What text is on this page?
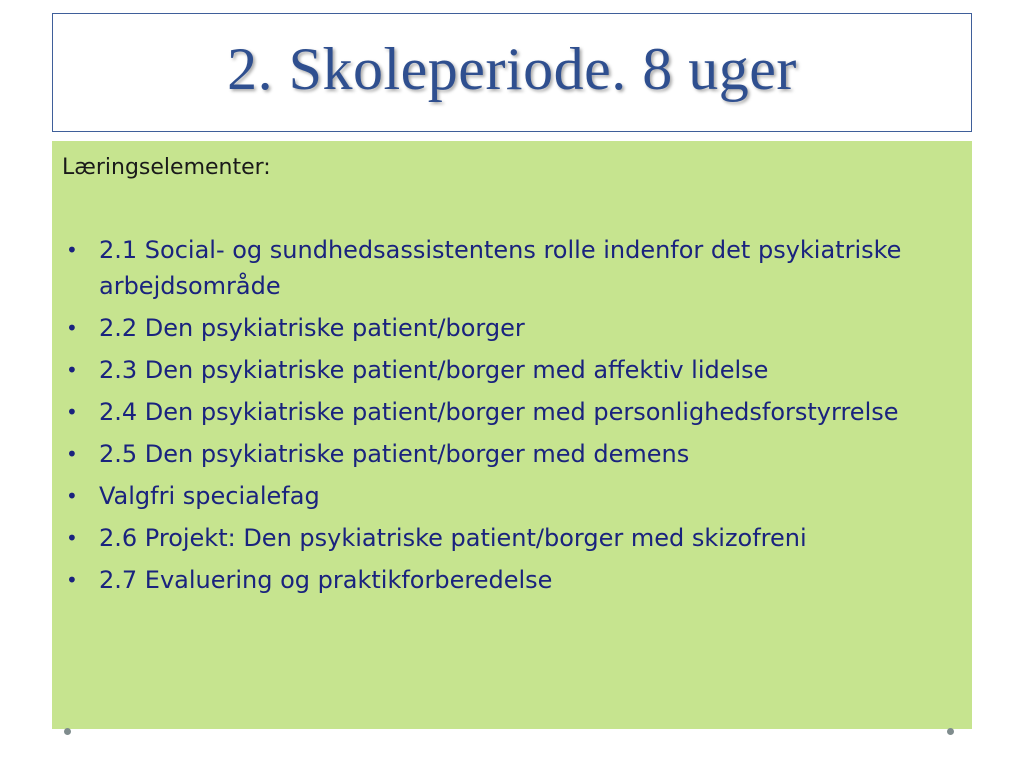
2. Skoleperiode. 8 uger
Læringselementer:
• 2.1 Social- og sundhedsassistentens rolle indenfor det psykiatriske arbejdsområde
• 2.2 Den psykiatriske patient/borger
• 2.3 Den psykiatriske patient/borger med affektiv lidelse
• 2.4 Den psykiatriske patient/borger med personlighedsforstyrrelse
• 2.5 Den psykiatriske patient/borger med demens
• Valgfri specialefag
• 2.6 Projekt: Den psykiatriske patient/borger med skizofreni
• 2.7 Evaluering og praktikforberedelse
